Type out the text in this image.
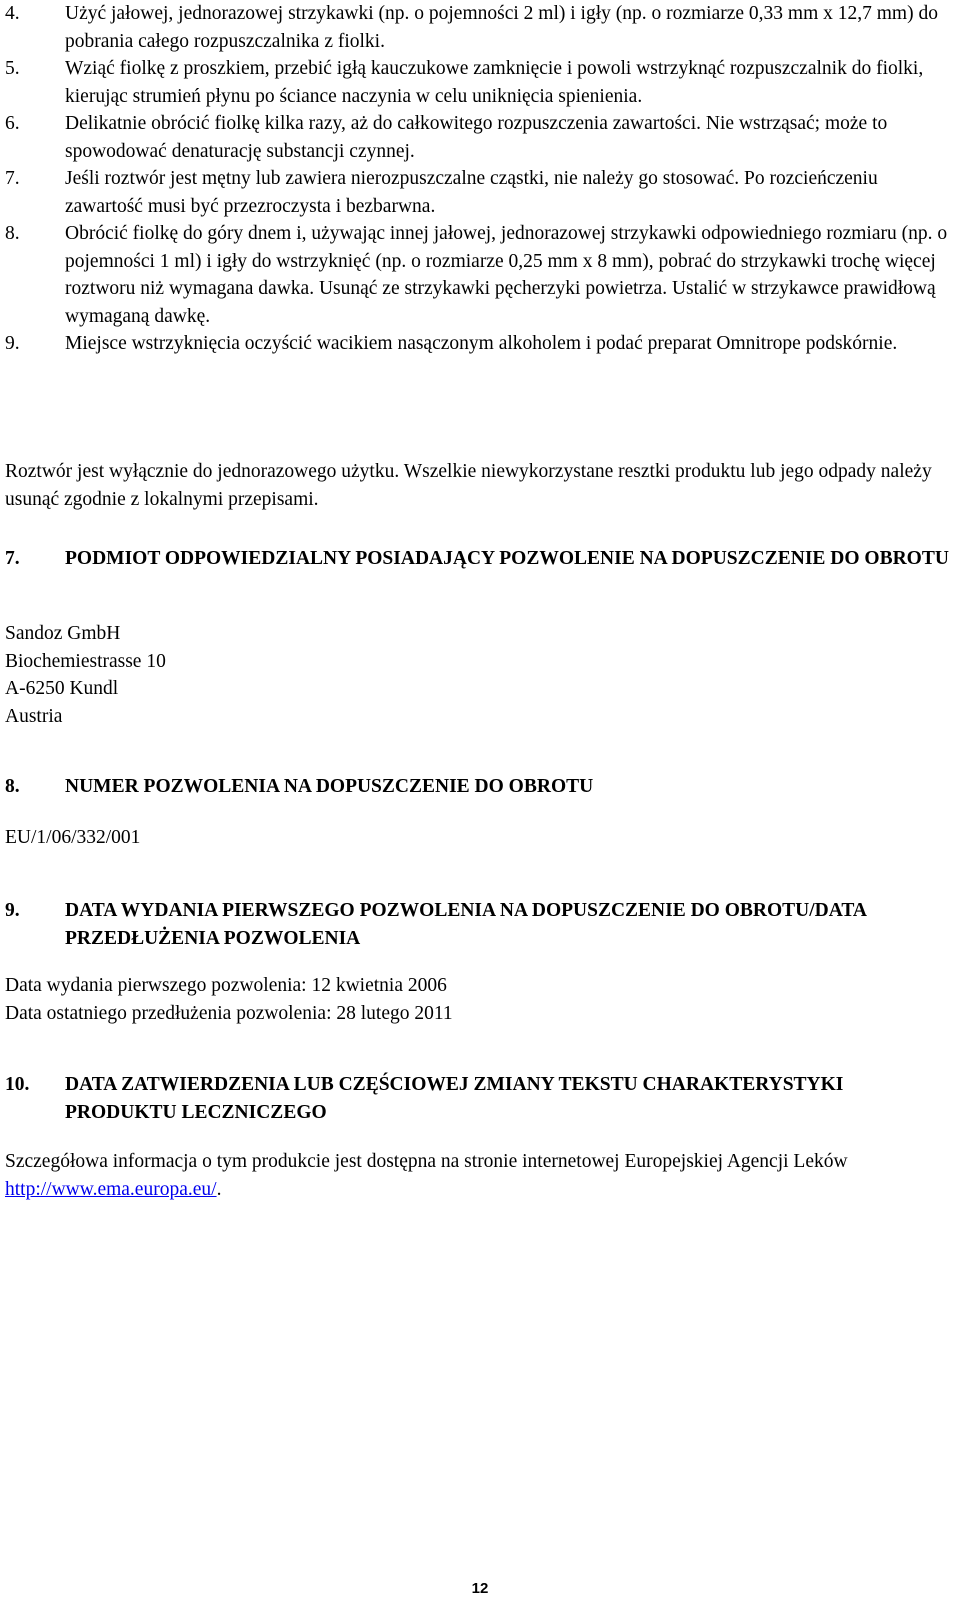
4.	Użyć jałowej, jednorazowej strzykawki (np. o pojemności 2 ml) i igły (np. o rozmiarze 0,33 mm x 12,7 mm) do pobrania całego rozpuszczalnika z fiolki.
5.	Wziąć fiolkę z proszkiem, przebić igłą kauczukowe zamknięcie i powoli wstrzyknąć rozpuszczalnik do fiolki, kierując strumień płynu po ściance naczynia w celu uniknięcia spienienia.
6.	Delikatnie obrócić fiolkę kilka razy, aż do całkowitego rozpuszczenia zawartości. Nie wstrząsać; może to spowodować denaturację substancji czynnej.
7.	Jeśli roztwór jest mętny lub zawiera nierozpuszczalne cząstki, nie należy go stosować. Po rozcieńczeniu zawartość musi być przezroczysta i bezbarwna.
8.	Obrócić fiolkę do góry dnem i, używając innej jałowej, jednorazowej strzykawki odpowiedniego rozmiaru (np. o pojemności 1 ml) i igły do wstrzyknięć (np. o rozmiarze 0,25 mm x 8 mm), pobrać do strzykawki trochę więcej roztworu niż wymagana dawka. Usunąć ze strzykawki pęcherzyki powietrza. Ustalić w strzykawce prawidłową wymaganą dawkę.
9.	Miejsce wstrzyknięcia oczyścić wacikiem nasączonym alkoholem i podać preparat Omnitrope podskórnie.
Roztwór jest wyłącznie do jednorazowego użytku. Wszelkie niewykorzystane resztki produktu lub jego odpady należy usunąć zgodnie z lokalnymi przepisami.
7.	PODMIOT ODPOWIEDZIALNY POSIADAJĄCY POZWOLENIE NA DOPUSZCZENIE DO OBROTU
Sandoz GmbH
Biochemiestrasse 10
A-6250 Kundl
Austria
8.	NUMER POZWOLENIA NA DOPUSZCZENIE DO OBROTU
EU/1/06/332/001
9.	DATA WYDANIA PIERWSZEGO POZWOLENIA NA DOPUSZCZENIE DO OBROTU/DATA PRZEDŁUŻENIA POZWOLENIA
Data wydania pierwszego pozwolenia: 12 kwietnia 2006
Data ostatniego przedłużenia pozwolenia: 28 lutego 2011
10.	DATA ZATWIERDZENIA LUB CZĘŚCIOWEJ ZMIANY TEKSTU CHARAKTERYSTYKI PRODUKTU LECZNICZEGO
Szczegółowa informacja o tym produkcie jest dostępna na stronie internetowej Europejskiej Agencji Leków http://www.ema.europa.eu/.
12
